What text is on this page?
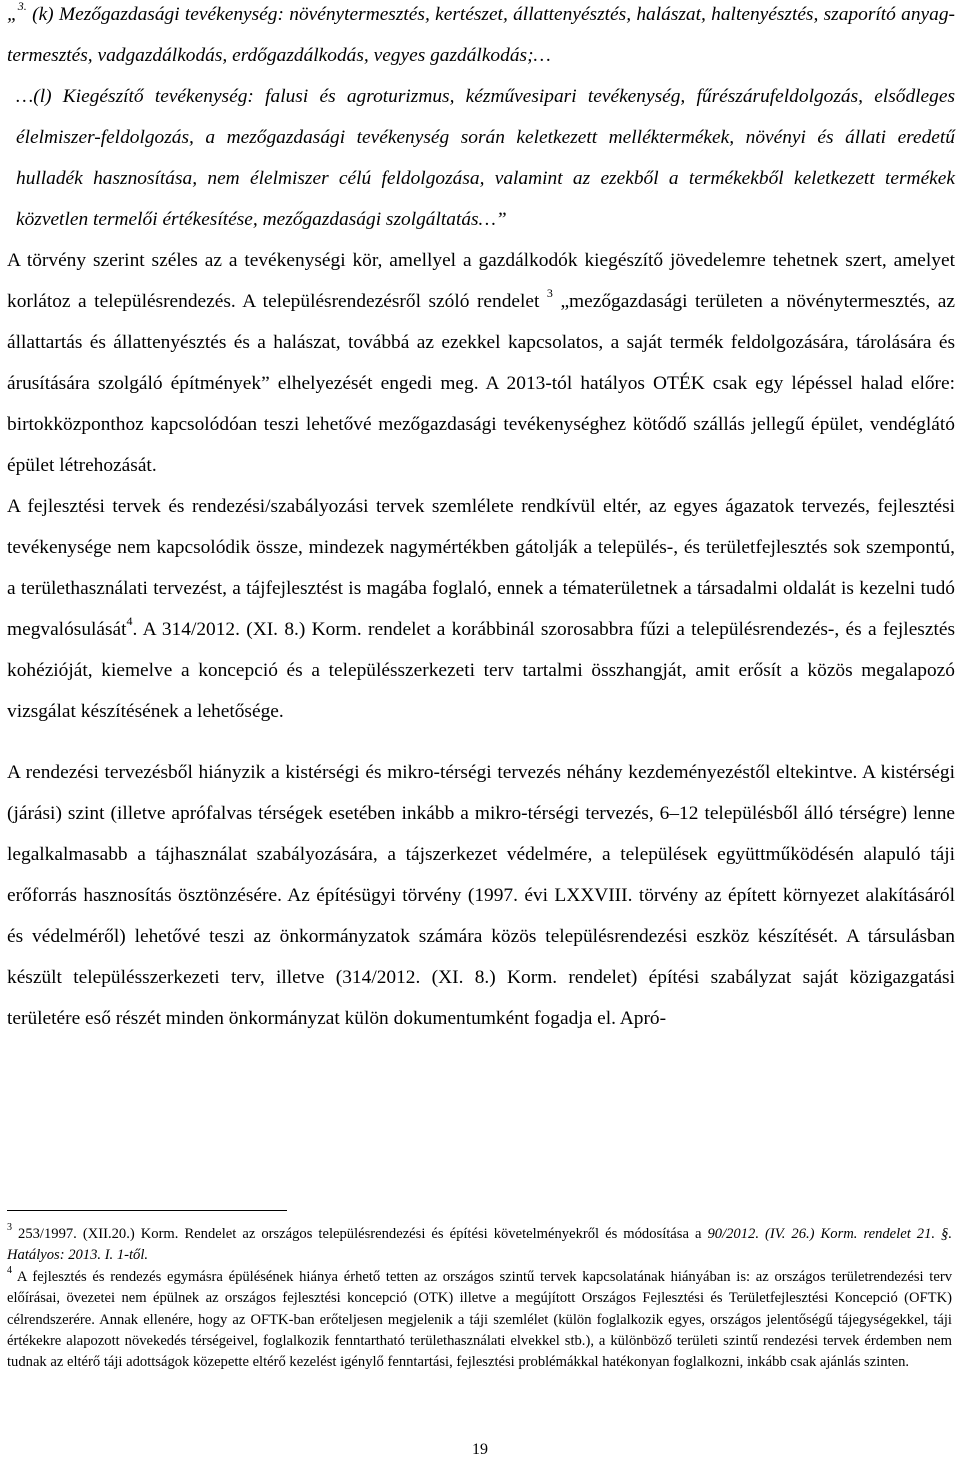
„$^{3.}$ (k) Mezőgazdasági tevékenység: növénytermesztés, kertészet, állattenyésztés, halászat, haltenyésztés, szaporító anyag-termesztés, vadgazdálkodás, erdőgazdálkodás, vegyes gazdálkodás;…

…(l) Kiegészítő tevékenység: falusi és agroturizmus, kézművesipari tevékenység, fűrészárufeldolgozás, elsődleges élelmiszer-feldolgozás, a mezőgazdasági tevékenység során keletkezett melléktermékek, növényi és állati eredetű hulladék hasznosítása, nem élelmiszer célú feldolgozása, valamint az ezekből a termékekből keletkezett termékek közvetlen termelői értékesítése, mezőgazdasági szolgáltatás…”

A törvény szerint széles az a tevékenységi kör, amellyel a gazdálkodók kiegészítő jövedelemre tehetnek szert, amelyet korlátoz a településrendezés. A településrendezésről szóló rendelet $^3$ „mezőgazdasági területen a növénytermesztés, az állattartás és állattenyésztés és a halászat, továbbá az ezekkel kapcsolatos, a saját termék feldolgozására, tárolására és árusítására szolgáló építmények” elhelyezését engedi meg. A 2013-tól hatályos OTÉK csak egy lépéssel halad előre: birtokközponthoz kapcsolódóan teszi lehetővé mezőgazdasági tevékenységhez kötődő szállás jellegű épület, vendéglátó épület létrehozását.

A fejlesztési tervek és rendezési/szabályozási tervek szemlélete rendkívül eltér, az egyes ágazatok tervezés, fejlesztési tevékenysége nem kapcsolódik össze, mindezek nagymértékben gátolják a település-, és területfejlesztés sok szempontú, a területhasználati tervezést, a tájfejlesztést is magába foglaló, ennek a tématerületnek a társadalmi oldalát is kezelni tudó megvalósulását$^4$. A 314/2012. (XI. 8.) Korm. rendelet a korábbinál szorosabbra fűzi a településrendezés-, és a fejlesztés kohézióját, kiemelve a koncepció és a településszerkezeti terv tartalmi összhangját, amit erősít a közös megalapozó vizsgálat készítésének a lehetősége.

A rendezési tervezésből hiányzik a kistérségi és mikro-térségi tervezés néhány kezdeményezéstől eltekintve. A kistérségi (járási) szint (illetve aprófalvas térségek esetében inkább a mikro-térségi tervezés, 6–12 településből álló térségre) lenne legalkalmasabb a tájhasználat szabályozására, a tájszerkezet védelmére, a települések együttműködésén alapuló táji erőforrás hasznosítás ösztönzésére. Az építésügyi törvény (1997. évi LXXVIII. törvény az épített környezet alakításáról és védelméről) lehetővé teszi az önkormányzatok számára közös településrendezési eszköz készítését. A társulásban készült településszerkezeti terv, illetve (314/2012. (XI. 8.) Korm. rendelet) építési szabályzat saját közigazgatási területére eső részét minden önkormányzat külön dokumentumként fogadja el. Apró-

$^3$ 253/1997. (XII.20.) Korm. Rendelet az országos településrendezési és építési követelményekről és módosítása a 90/2012. (IV. 26.) Korm. rendelet 21. §. Hatályos: 2013. I. 1-től.

$^4$ A fejlesztés és rendezés egymásra épülésének hiánya érhető tetten az országos szintű tervek kapcsolatának hiányában is: az országos területrendezési terv előírásai, övezetei nem épülnek az országos fejlesztési koncepció (OTK) illetve a megújított Országos Fejlesztési és Területfejlesztési Koncepció (OFTK) célrendszerére. Annak ellenére, hogy az OFTK-ban erőteljesen megjelenik a táji szemlélet (külön foglalkozik egyes, országos jelentőségű tájegységekkel, táji értékekre alapozott növekedés térségeivel, foglalkozik fenntartható területhasználati elvekkel stb.), a különböző területi szintű rendezési tervek érdemben nem tudnak az eltérő táji adottságok közepette eltérő kezelést igénylő fenntartási, fejlesztési problémákkal hatékonyan foglalkozni, inkább csak ajánlás szinten.

19
